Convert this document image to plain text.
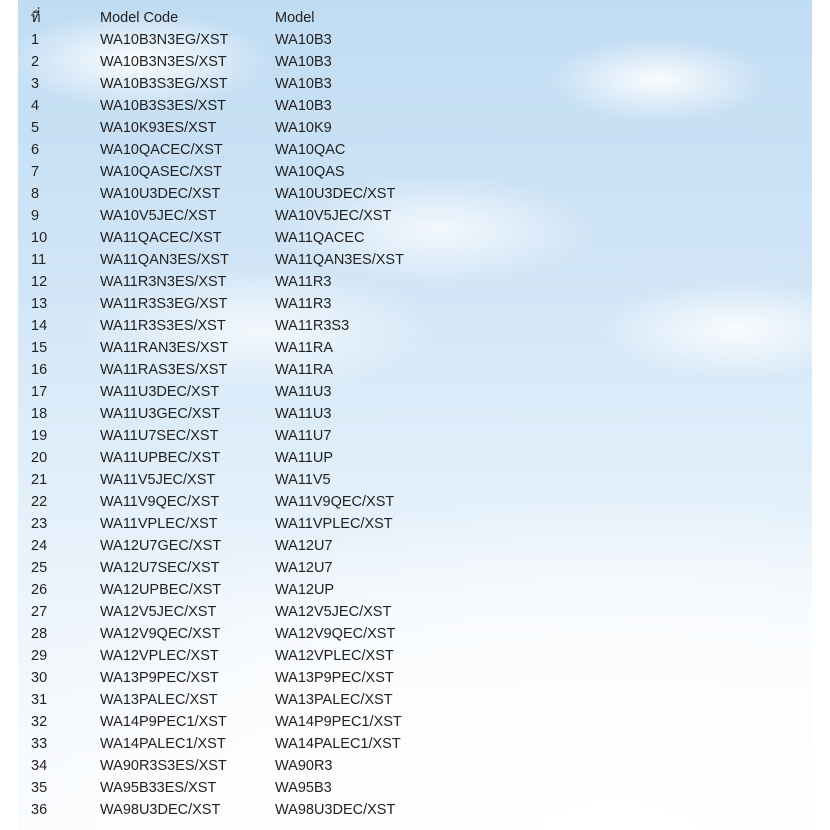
ที่	Model Code	Model
1	WA10B3N3EG/XST	WA10B3
2	WA10B3N3ES/XST	WA10B3
3	WA10B3S3EG/XST	WA10B3
4	WA10B3S3ES/XST	WA10B3
5	WA10K93ES/XST	WA10K9
6	WA10QACEC/XST	WA10QAC
7	WA10QASEC/XST	WA10QAS
8	WA10U3DEC/XST	WA10U3DEC/XST
9	WA10V5JEC/XST	WA10V5JEC/XST
10	WA11QACEC/XST	WA11QACEC
11	WA11QAN3ES/XST	WA11QAN3ES/XST
12	WA11R3N3ES/XST	WA11R3
13	WA11R3S3EG/XST	WA11R3
14	WA11R3S3ES/XST	WA11R3S3
15	WA11RAN3ES/XST	WA11RA
16	WA11RAS3ES/XST	WA11RA
17	WA11U3DEC/XST	WA11U3
18	WA11U3GEC/XST	WA11U3
19	WA11U7SEC/XST	WA11U7
20	WA11UPBEC/XST	WA11UP
21	WA11V5JEC/XST	WA11V5
22	WA11V9QEC/XST	WA11V9QEC/XST
23	WA11VPLEC/XST	WA11VPLEC/XST
24	WA12U7GEC/XST	WA12U7
25	WA12U7SEC/XST	WA12U7
26	WA12UPBEC/XST	WA12UP
27	WA12V5JEC/XST	WA12V5JEC/XST
28	WA12V9QEC/XST	WA12V9QEC/XST
29	WA12VPLEC/XST	WA12VPLEC/XST
30	WA13P9PEC/XST	WA13P9PEC/XST
31	WA13PALEC/XST	WA13PALEC/XST
32	WA14P9PEC1/XST	WA14P9PEC1/XST
33	WA14PALEC1/XST	WA14PALEC1/XST
34	WA90R3S3ES/XST	WA90R3
35	WA95B33ES/XST	WA95B3
36	WA98U3DEC/XST	WA98U3DEC/XST
